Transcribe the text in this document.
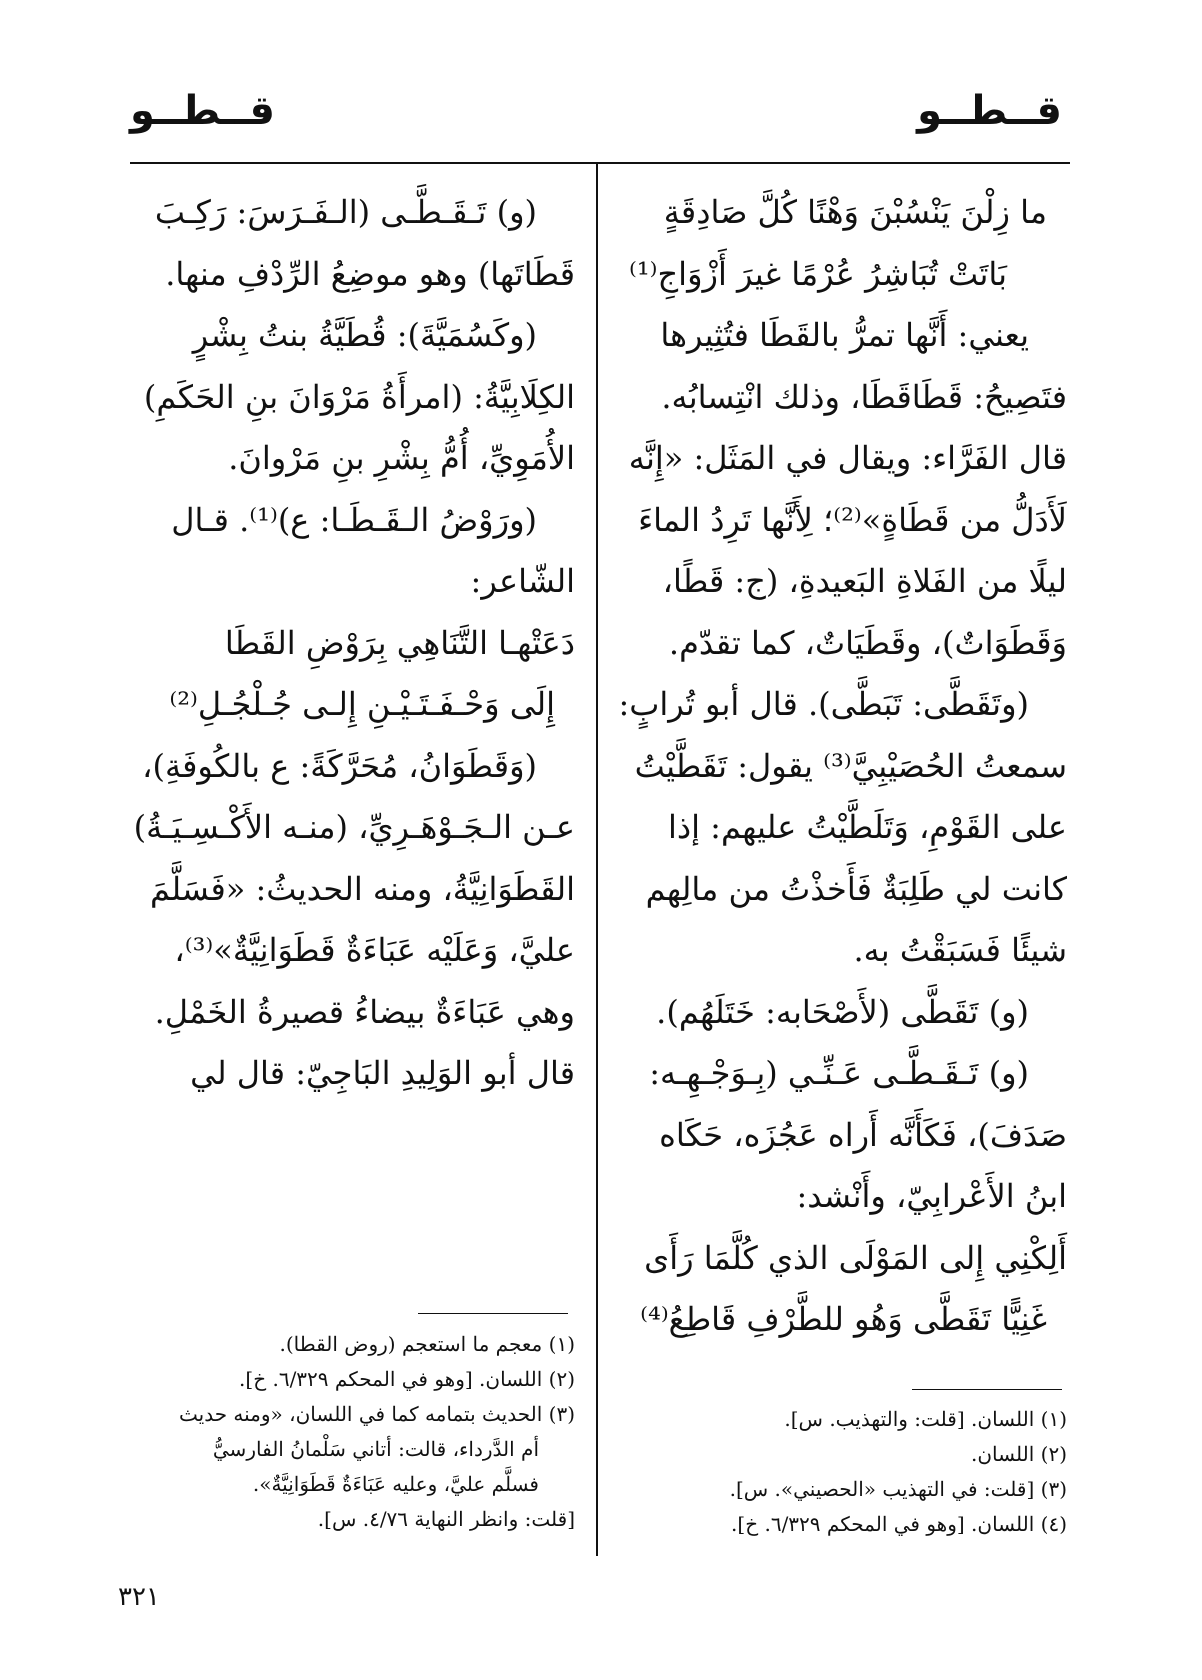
قــطــو
قــطــو
ما زِلْنَ يَنْسُبْنَ وَهْنًا كُلَّ صَادِقَةٍ
بَاتَتْ تُبَاشِرُ عُرْمًا غيرَ أَزْوَاجِ⁽¹⁾
يعني: أَنَّها تمرُّ بالقَطَا فتُثِيرها
فتَصِيحُ: قَطَاقَطَا، وذلك انْتِسابُه.
قال الفَرَّاء: ويقال في المَثَل: «إِنَّه
لَأَدَلُّ من قَطَاةٍ»⁽²⁾؛ لِأَنَّها تَرِدُ الماءَ
ليلًا من الفَلاةِ البَعيدةِ، (ج: قَطًا،
وَقَطَوَاتٌ)، وقَطَيَاتٌ، كما تقدّم.
(وتَقَطَّى: تَبَطَّى). قال أبو تُرابٍ:
سمعتُ الحُصَيْبِيَّ⁽³⁾ يقول: تَقَطَّيْتُ
على القَوْمِ، وَتَلَطَّيْتُ عليهم: إذا
كانت لي طَلِبَةٌ فَأَخذْتُ من مالِهم
شيئًا فَسَبَقْتُ به.
(و) تَقَطَّى (لأَصْحَابه: خَتَلَهُم).
(و) تَـقَـطَّـى عَـنِّـي (بِـوَجْـهِـه:
صَدَفَ)، فَكَأَنَّه أَراه عَجُزَه، حَكَاه
ابنُ الأَعْرابِيّ، وأَنْشد:
أَلِكْنِي إِلى المَوْلَى الذي كُلَّمَا رَأَى
غَنِيًّا تَقَطَّى وَهُو للطَّرْفِ قَاطِعُ⁽⁴⁾
(١) اللسان. [قلت: والتهذيب. س].
(٢) اللسان.
(٣) [قلت: في التهذيب «الحصيني». س].
(٤) اللسان. [وهو في المحكم ٦/٣٢٩. خ].
(و) تَـقَـطَّـى (الـفَـرَسَ: رَكِـبَ
قَطَاتَها) وهو موضِعُ الرِّدْفِ منها.
(وكَسُمَيَّةَ): قُطَيَّةُ بنتُ بِشْرٍ
الكِلَابِيَّةُ: (امرأَةُ مَرْوَانَ بنِ الحَكَمِ)
الأُمَوِيِّ، أُمُّ بِشْرِ بنِ مَرْوانَ.
(ورَوْضُ الـقَـطَـا: ع)⁽¹⁾. قـال
الشّاعر:
دَعَتْهـا التَّنَاهِي بِرَوْضِ القَطَا
إِلَى وَحْـفَـتَـيْـنِ إِلـى جُـلْجُـلِ⁽²⁾
(وَقَطَوَانُ، مُحَرَّكَةً: ع بالكُوفَةِ)،
عـن الـجَـوْهَـرِيِّ، (منـه الأَكْـسِـيَـةُ)
القَطَوَانِيَّةُ، ومنه الحديثُ: «فَسَلَّمَ
عليَّ، وَعَلَيْه عَبَاءَةٌ قَطَوَانِيَّةٌ»⁽³⁾،
وهي عَبَاءَةٌ بيضاءُ قصيرةُ الخَمْلِ.
قال أبو الوَلِيدِ البَاجِيّ: قال لي
(١) معجم ما استعجم (روض القطا).
(٢) اللسان. [وهو في المحكم ٦/٣٢٩. خ].
(٣) الحديث بتمامه كما في اللسان، «ومنه حديث
أم الدَّرداء، قالت: أتاني سَلْمانُ الفارسيُّ
فسلَّم عليَّ، وعليه عَبَاءَةٌ قَطَوَانِيَّةٌ».
[قلت: وانظر النهاية ٤/٧٦. س].
٣٢١
